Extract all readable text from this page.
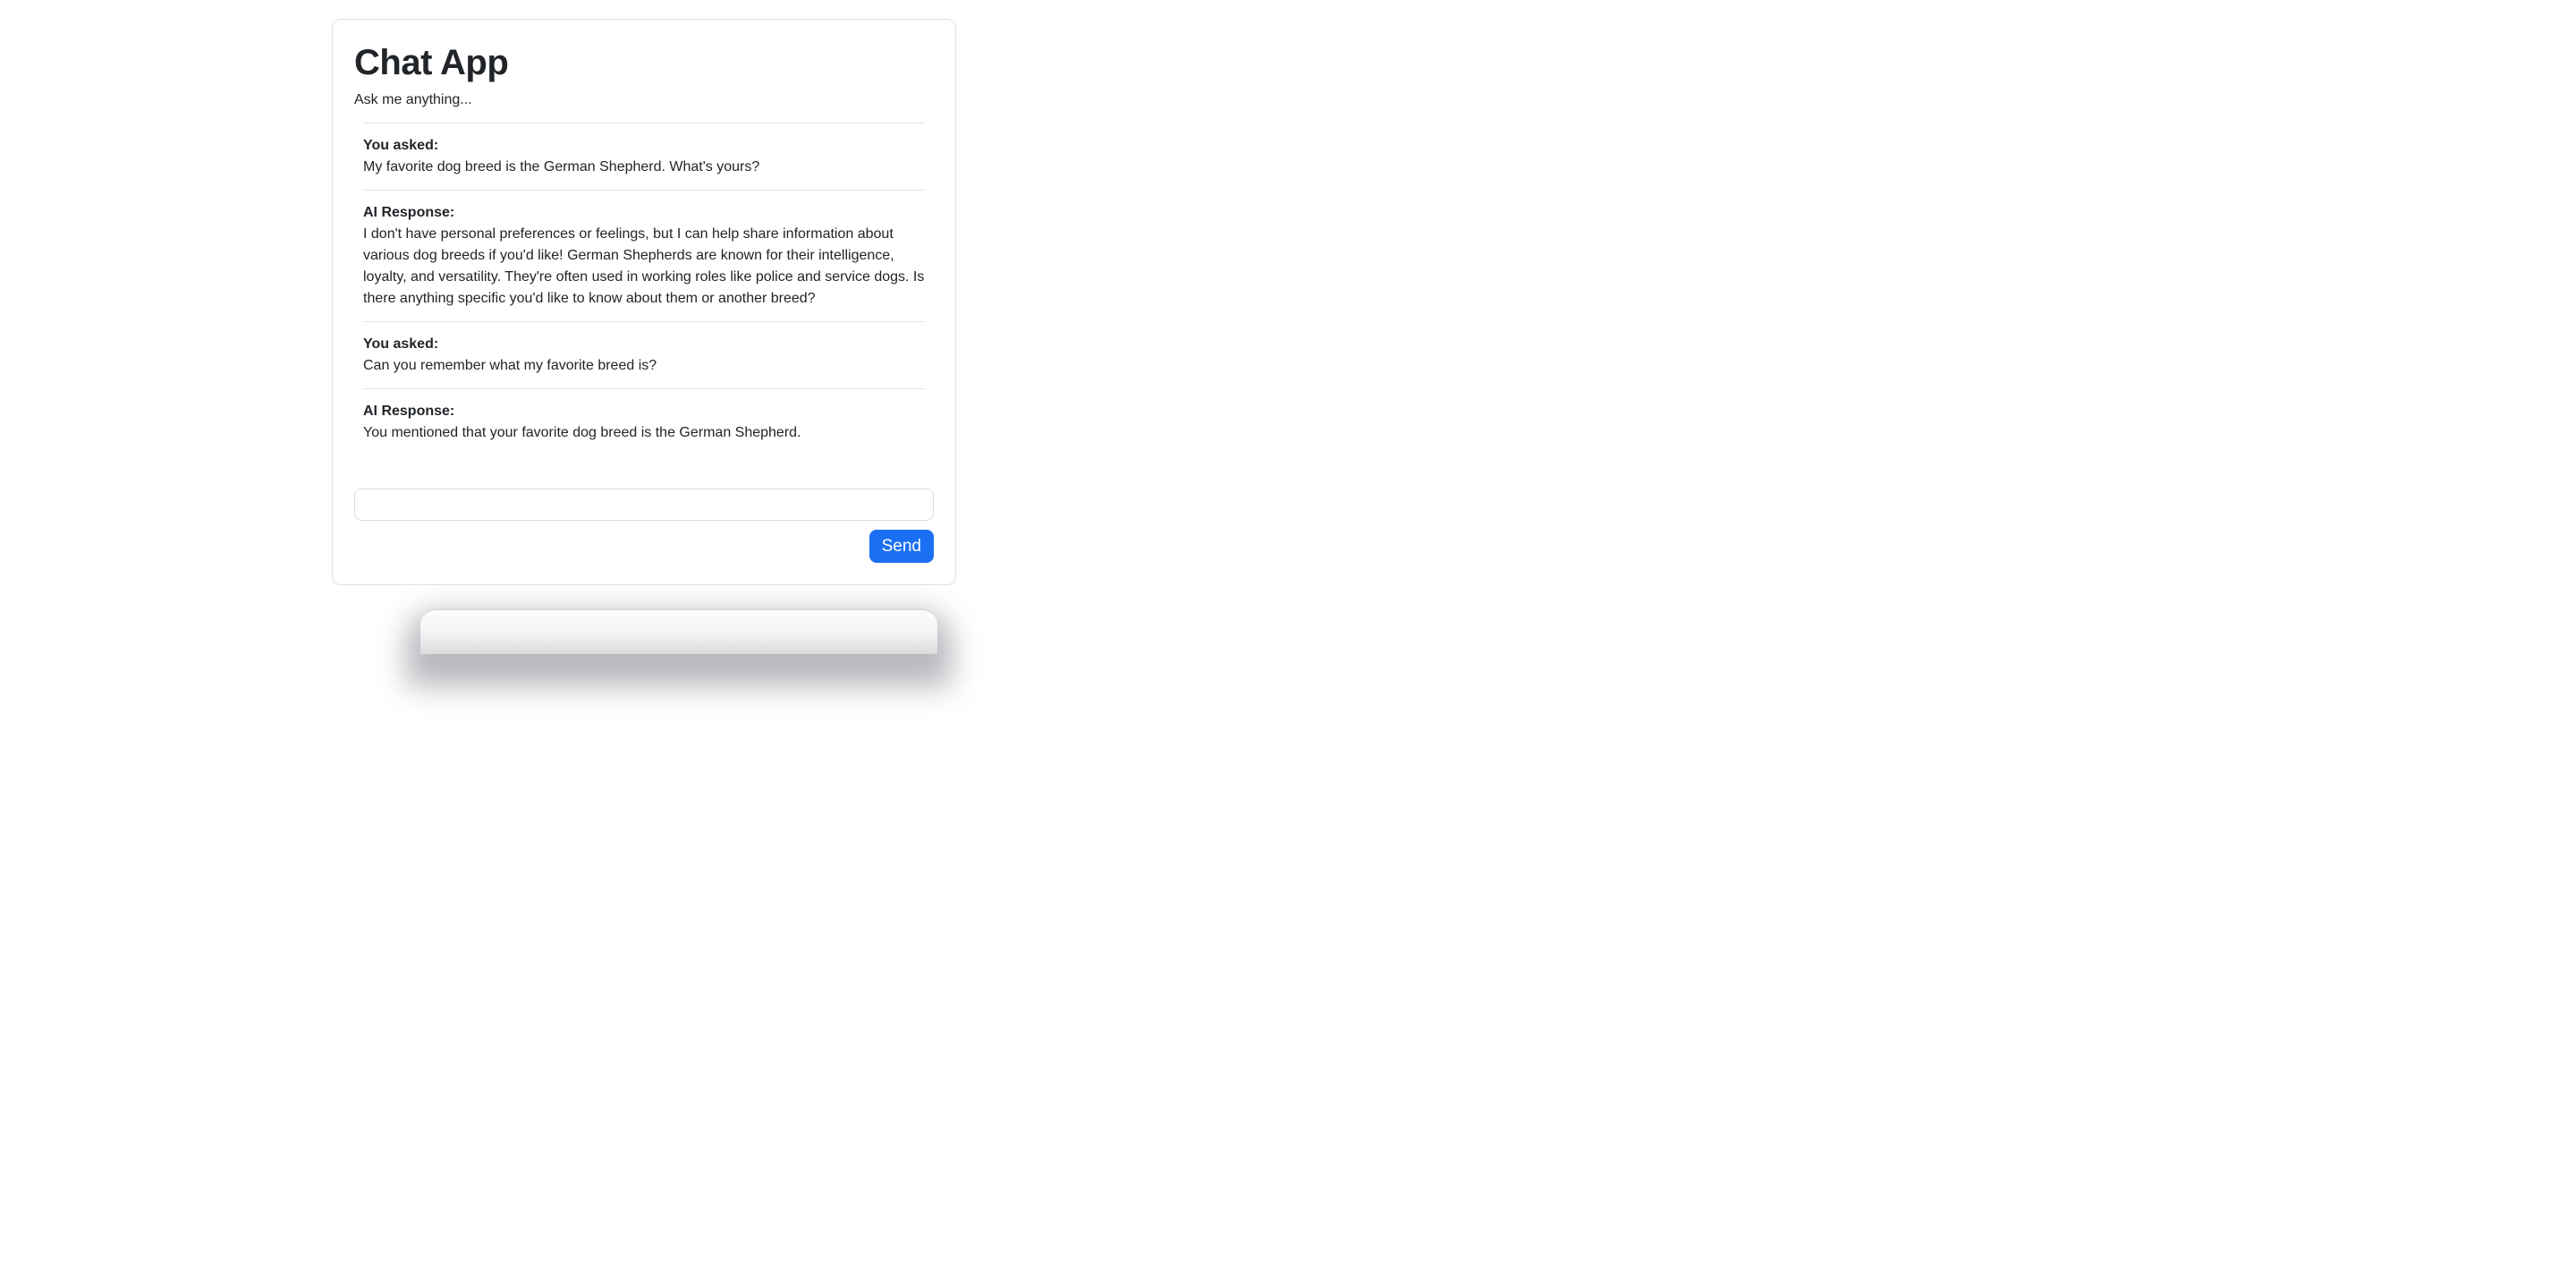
Chat App

Ask me anything...

You asked:
My favorite dog breed is the German Shepherd. What's yours?
AI Response:
I don't have personal preferences or feelings, but I can help share information about various dog breeds if you'd like! German Shepherds are known for their intelligence, loyalty, and versatility. They're often used in working roles like police and service dogs. Is there anything specific you'd like to know about them or another breed?
You asked:
Can you remember what my favorite breed is?
AI Response:
You mentioned that your favorite dog breed is the German Shepherd.
Send
